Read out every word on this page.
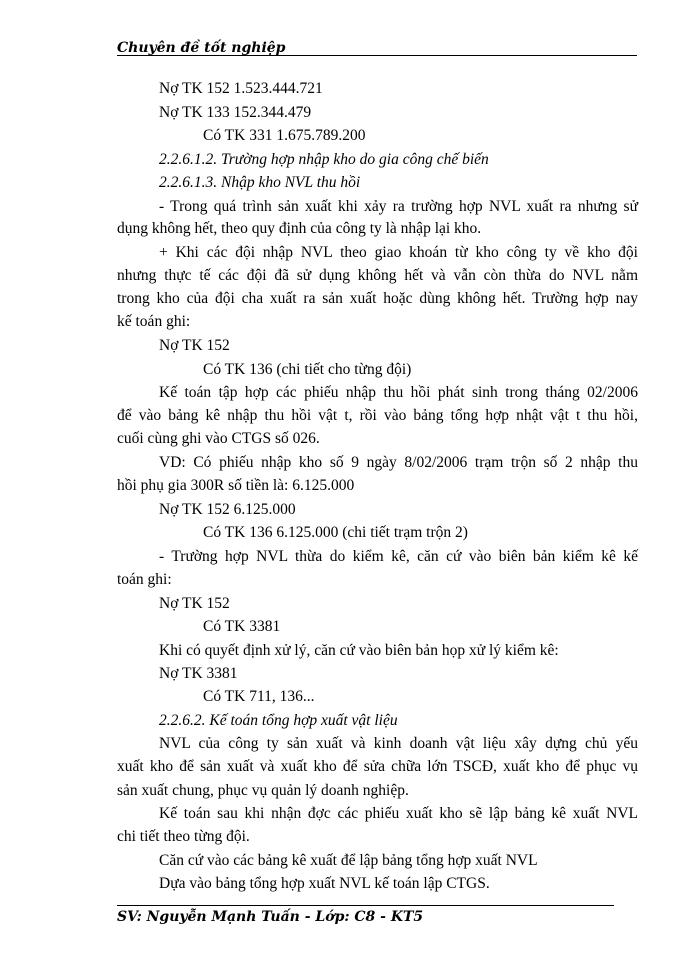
Chuyên đề tốt nghiệp
Nợ TK 152 1.523.444.721
Nợ TK 133 152.344.479
Có TK 331 1.675.789.200
2.2.6.1.2. Trường hợp nhập kho do gia công chế biến
2.2.6.1.3. Nhập kho NVL thu hồi
- Trong quá trình sản xuất khi xảy ra trường hợp NVL xuất ra nhưng sử
dụng không hết, theo quy định của công ty là nhập lại kho.
+ Khi các đội nhập NVL theo giao khoán từ kho công ty về kho đội
nhưng thực tế các đội đã sử dụng không hết và vẫn còn thừa do NVL nằm
trong kho của đội cha xuất ra sản xuất hoặc dùng không hết. Trường hợp nay
kế toán ghi:
Nợ TK 152
Có TK 136 (chi tiết cho từng đội)
Kế toán tập hợp các phiếu nhập thu hồi phát sinh trong tháng 02/2006
để vào bảng kê nhập thu hồi vật t, rồi vào bảng tổng hợp nhật vật t thu hồi,
cuối cùng ghi vào CTGS số 026.
VD: Có phiếu nhập kho số 9 ngày 8/02/2006 trạm trộn số 2 nhập thu
hồi phụ gia 300R số tiền là: 6.125.000
Nợ TK 152 6.125.000
Có TK 136 6.125.000 (chi tiết trạm trộn 2)
- Trường hợp NVL thừa do kiểm kê, căn cứ vào biên bản kiểm kê kế
toán ghi:
Nợ TK 152
Có TK 3381
Khi có quyết định xử lý, căn cứ vào biên bản họp xử lý kiểm kê:
Nợ TK 3381
Có TK 711, 136...
2.2.6.2. Kế toán tổng hợp xuất vật liệu
NVL của công ty sản xuất và kinh doanh vật liệu xây dựng chủ yếu
xuất kho để sản xuất và xuất kho để sửa chữa lớn TSCĐ, xuất kho để phục vụ
sản xuất chung, phục vụ quản lý doanh nghiệp.
Kế toán sau khi nhận đợc các phiếu xuất kho sẽ lập bảng kê xuất NVL
chi tiết theo từng đội.
Căn cứ vào các bảng kê xuất để lập bảng tổng hợp xuất NVL
Dựa vào bảng tổng hợp xuất NVL kế toán lập CTGS.
SV: Nguyễn Mạnh Tuấn - Lớp: C8 - KT5
